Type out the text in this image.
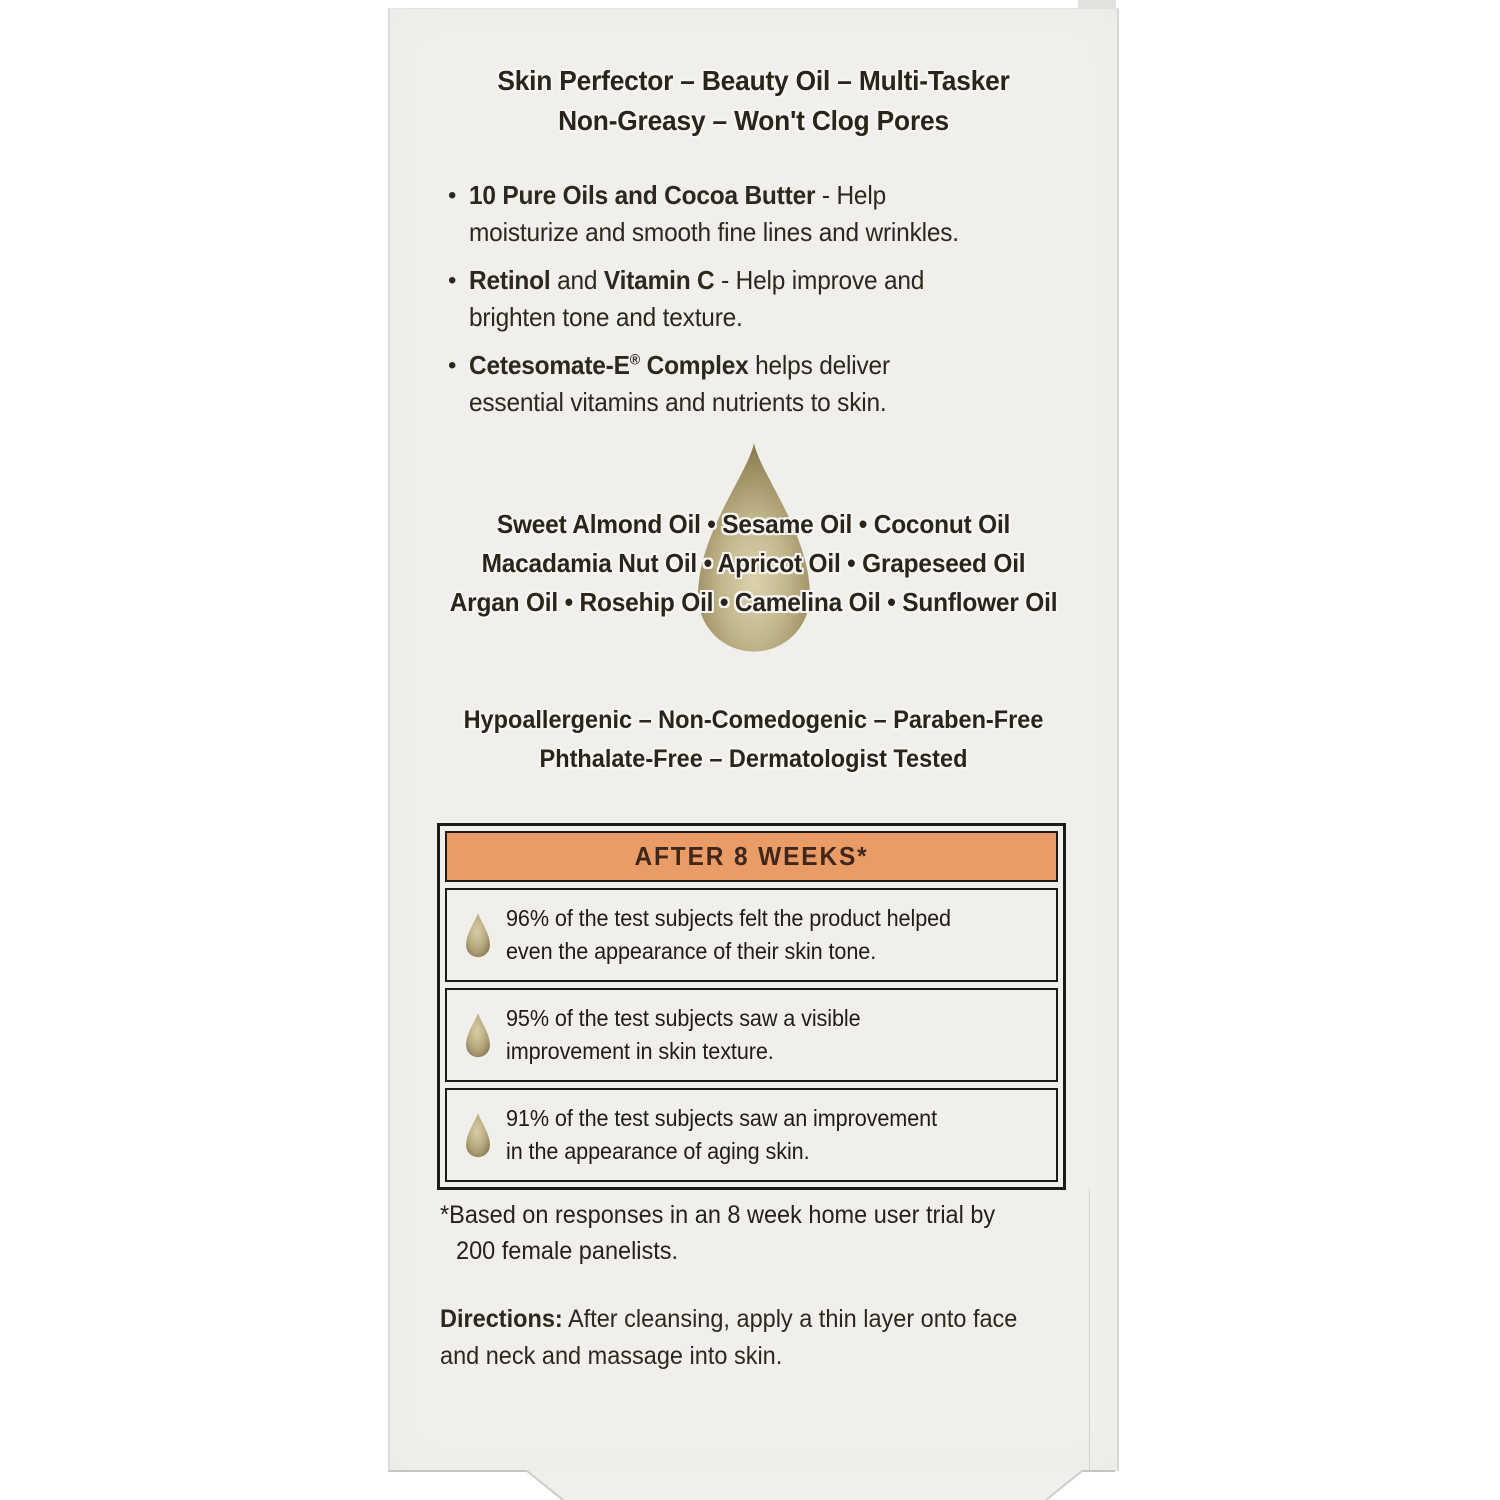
Skin Perfector – Beauty Oil – Multi-Tasker
Non-Greasy – Won't Clog Pores
• 10 Pure Oils and Cocoa Butter - Help
moisturize and smooth fine lines and wrinkles.
• Retinol and Vitamin C - Help improve and
brighten tone and texture.
• Cetesomate-E® Complex helps deliver
essential vitamins and nutrients to skin.
Sweet Almond Oil • Sesame Oil • Coconut Oil
Macadamia Nut Oil • Apricot Oil • Grapeseed Oil
Argan Oil • Rosehip Oil • Camelina Oil • Sunflower Oil
Hypoallergenic – Non-Comedogenic – Paraben-Free
Phthalate-Free – Dermatologist Tested
AFTER 8 WEEKS*
96% of the test subjects felt the product helped
even the appearance of their skin tone.
95% of the test subjects saw a visible
improvement in skin texture.
91% of the test subjects saw an improvement
in the appearance of aging skin.
*Based on responses in an 8 week home user trial by
200 female panelists.
Directions: After cleansing, apply a thin layer onto face
and neck and massage into skin.
